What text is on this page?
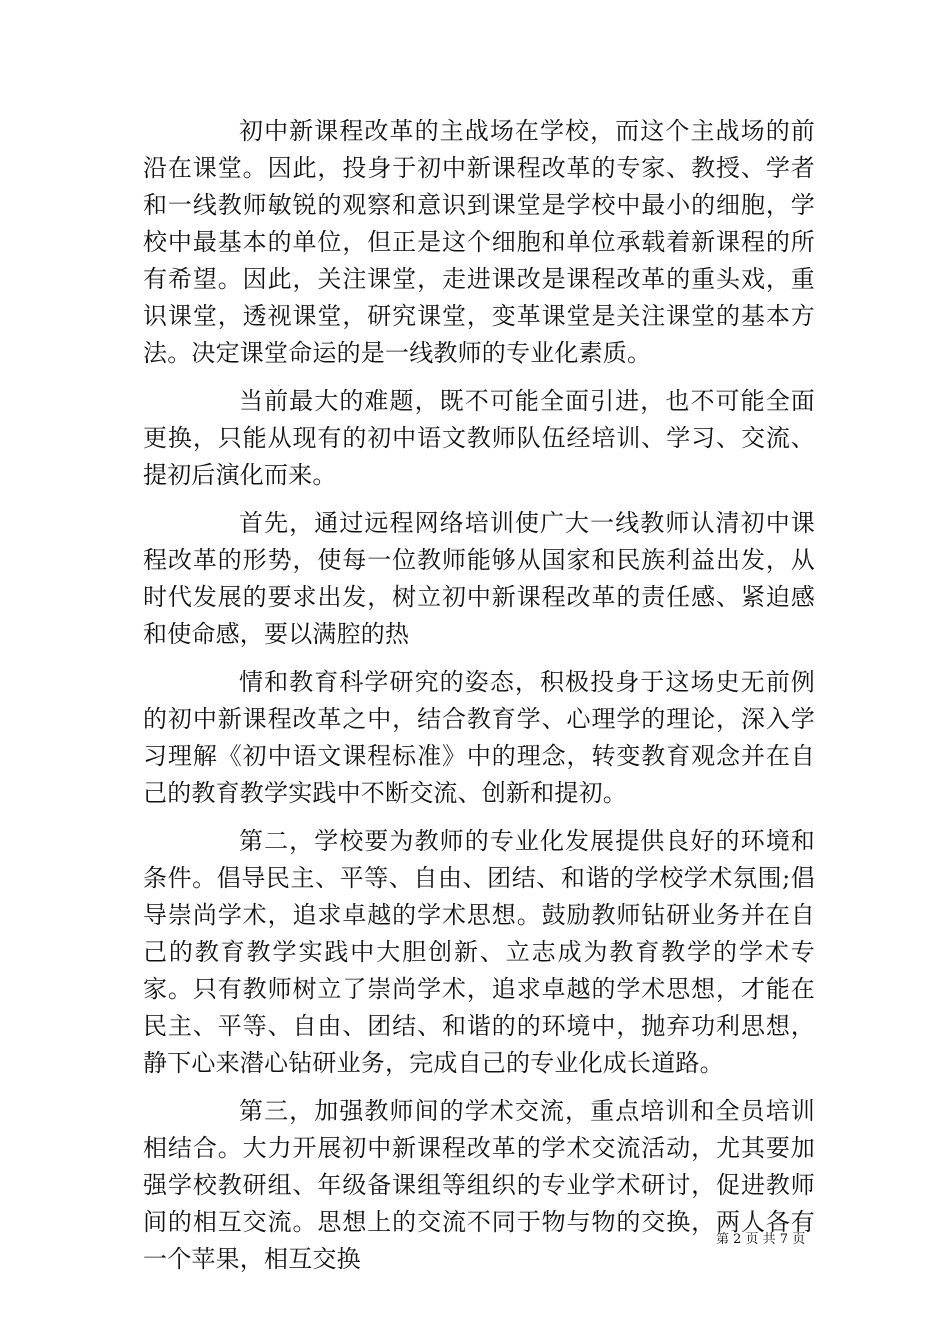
初中新课程改革的主战场在学校，而这个主战场的前沿在课堂。因此，投身于初中新课程改革的专家、教授、学者和一线教师敏锐的观察和意识到课堂是学校中最小的细胞，学校中最基本的单位，但正是这个细胞和单位承载着新课程的所有希望。因此，关注课堂，走进课改是课程改革的重头戏，重识课堂，透视课堂，研究课堂，变革课堂是关注课堂的基本方法。决定课堂命运的是一线教师的专业化素质。

当前最大的难题，既不可能全面引进，也不可能全面更换，只能从现有的初中语文教师队伍经培训、学习、交流、提初后演化而来。

首先，通过远程网络培训使广大一线教师认清初中课程改革的形势，使每一位教师能够从国家和民族利益出发，从时代发展的要求出发，树立初中新课程改革的责任感、紧迫感和使命感，要以满腔的热

情和教育科学研究的姿态，积极投身于这场史无前例的初中新课程改革之中，结合教育学、心理学的理论，深入学习理解《初中语文课程标准》中的理念，转变教育观念并在自己的教育教学实践中不断交流、创新和提初。

第二，学校要为教师的专业化发展提供良好的环境和条件。倡导民主、平等、自由、团结、和谐的学校学术氛围;倡导崇尚学术，追求卓越的学术思想。鼓励教师钻研业务并在自己的教育教学实践中大胆创新、立志成为教育教学的学术专家。只有教师树立了崇尚学术，追求卓越的学术思想，才能在民主、平等、自由、团结、和谐的的环境中，抛弃功利思想，静下心来潜心钻研业务，完成自己的专业化成长道路。

第三，加强教师间的学术交流，重点培训和全员培训相结合。大力开展初中新课程改革的学术交流活动，尤其要加强学校教研组、年级备课组等组织的专业学术研讨，促进教师间的相互交流。思想上的交流不同于物与物的交换，两人各有一个苹果，相互交换

第 2 页 共 7 页
